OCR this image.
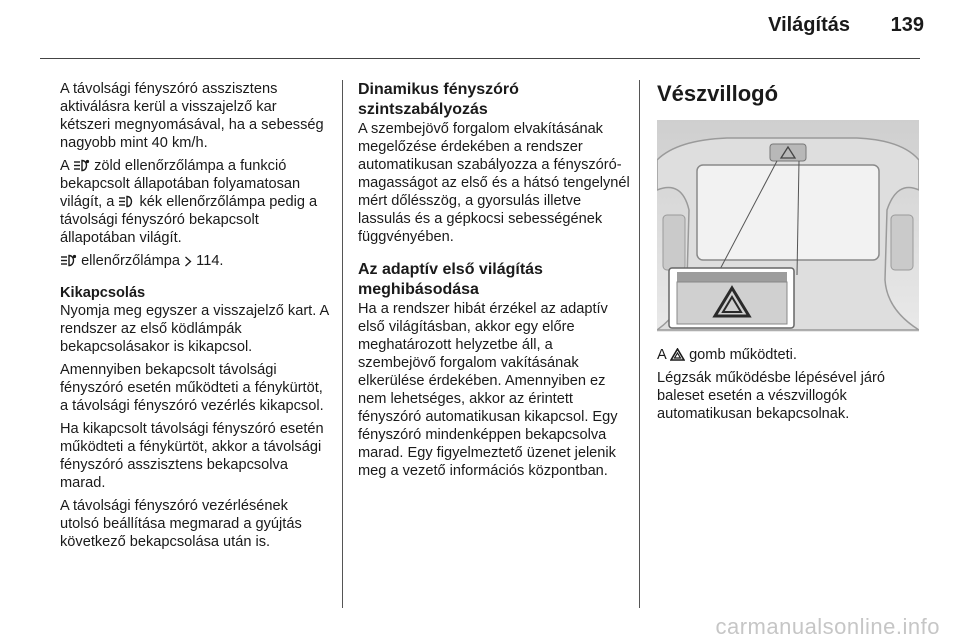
Világítás	139

A távolsági fényszóró asszisztens aktiválásra kerül a visszajelző kar kétszeri megnyomásával, ha a sebesség nagyobb mint 40 km/h.

A zöld ellenőrzőlámpa a funkció bekapcsolt állapotában folyamatosan világít, a kék ellenőrzőlámpa pedig a távolsági fényszóró bekapcsolt állapotában világít.

ellenőrzőlámpa 114.

Kikapcsolás

Nyomja meg egyszer a visszajelző kart. A rendszer az első ködlámpák bekapcsolásakor is kikapcsol.

Amennyiben bekapcsolt távolsági fényszóró esetén működteti a fénykürtöt, a távolsági fényszóró vezérlés kikapcsol.

Ha kikapcsolt távolsági fényszóró esetén működteti a fénykürtöt, akkor a távolsági fényszóró asszisztens bekapcsolva marad.

A távolsági fényszóró vezérlésének utolsó beállítása megmarad a gyújtás következő bekapcsolása után is.

Dinamikus fényszóró szintszabályozás

A szembejövő forgalom elvakításának megelőzése érdekében a rendszer automatikusan szabályozza a fényszóró-magasságot az első és a hátsó tengelynél mért dőlésszög, a gyorsulás illetve lassulás és a gépkocsi sebességének függvényében.

Az adaptív első világítás meghibásodása

Ha a rendszer hibát érzékel az adaptív első világításban, akkor egy előre meghatározott helyzetbe áll, a szembejövő forgalom vakításának elkerülése érdekében. Amennyiben ez nem lehetséges, akkor az érintett fényszóró automatikusan kikapcsol. Egy fényszóró mindenképpen bekapcsolva marad. Egy figyelmeztető üzenet jelenik meg a vezető információs központban.

Vészvillogó

A gomb működteti.

Légzsák működésbe lépésével járó baleset esetén a vészvillogók automatikusan bekapcsolnak.

carmanualsonline.info
